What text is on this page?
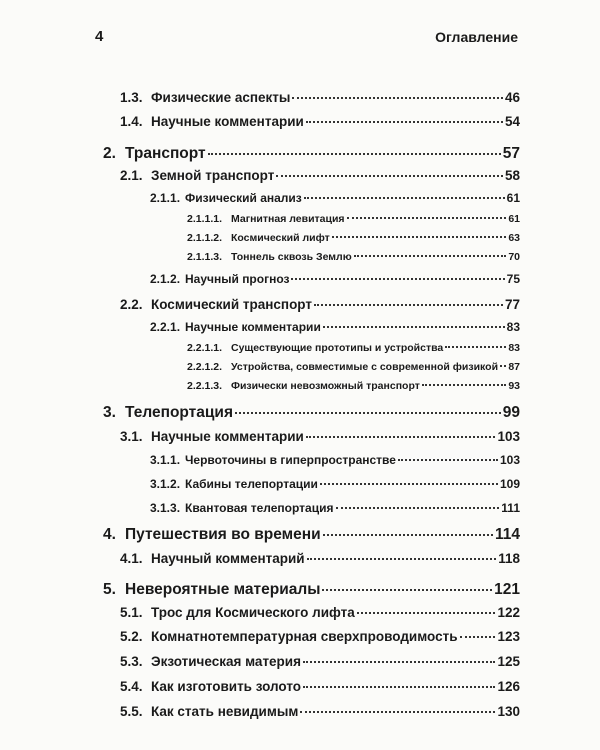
4	Оглавление
1.3. Физические аспекты	46
1.4. Научные комментарии	54
2. Транспорт	57
2.1. Земной транспорт	58
2.1.1. Физический анализ	61
2.1.1.1. Магнитная левитация	61
2.1.1.2. Космический лифт	63
2.1.1.3. Тоннель сквозь Землю	70
2.1.2. Научный прогноз	75
2.2. Космический транспорт	77
2.2.1. Научные комментарии	83
2.2.1.1. Существующие прототипы и устройства	83
2.2.1.2. Устройства, совместимые с современной физикой 87
2.2.1.3. Физически невозможный транспорт	93
3. Телепортация	99
3.1. Научные комментарии	103
3.1.1. Червоточины в гиперпространстве	103
3.1.2. Кабины телепортации	109
3.1.3. Квантовая телепортация	111
4. Путешествия во времени	114
4.1. Научный комментарий	118
5. Невероятные материалы	121
5.1. Трос для Космического лифта	122
5.2. Комнатнотемпературная сверхпроводимость	123
5.3. Экзотическая материя	125
5.4. Как изготовить золото	126
5.5. Как стать невидимым	130
